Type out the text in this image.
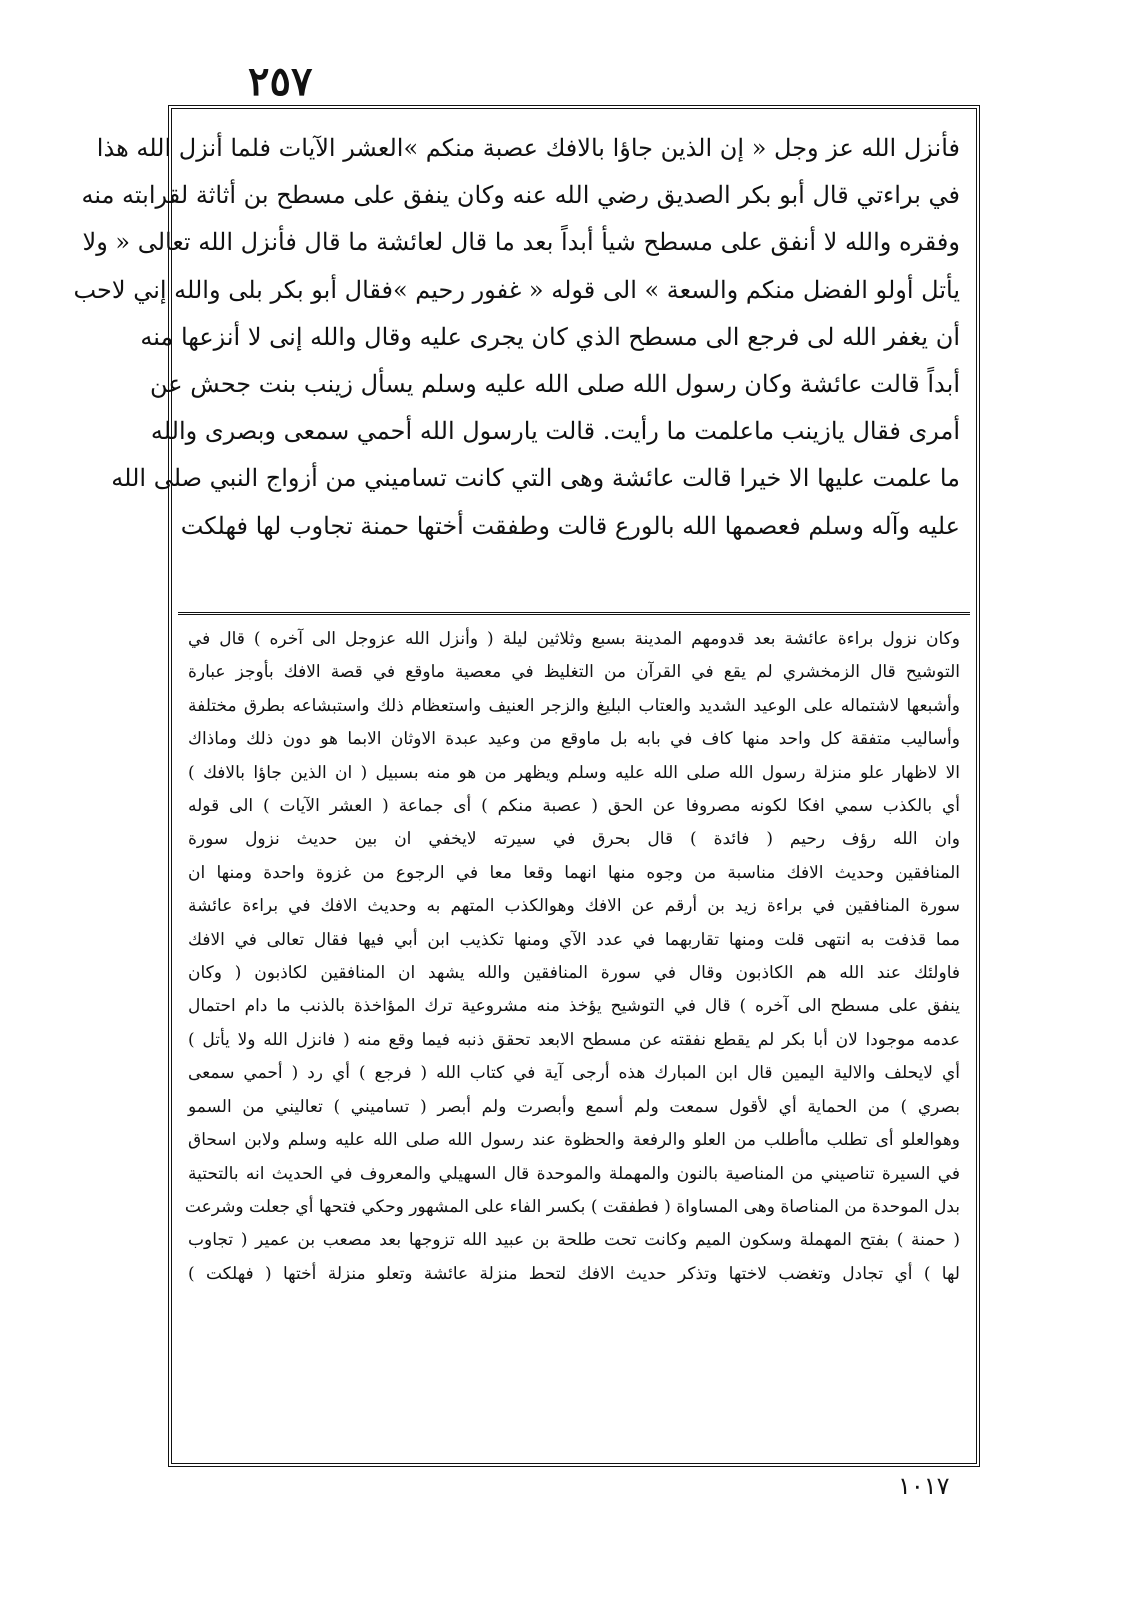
٢٥٧
فأنزل الله عز وجل « إن الذين جاؤا بالافك عصبة منكم »العشر الآيات فلما أنزل الله هذا
في براءتي قال أبو بكر الصديق رضي الله عنه وكان ينفق على مسطح بن أثاثة لقرابته منه
وفقره والله لا أنفق على مسطح شيأ أبداً بعد ما قال لعائشة ما قال فأنزل الله تعالى « ولا
يأتل أولو الفضل منكم والسعة » الى قوله « غفور رحيم »فقال أبو بكر بلى والله إني لاحب
أن يغفر الله لى فرجع الى مسطح الذي كان يجرى عليه وقال والله إنى لا أنزعها منه
أبداً قالت عائشة وكان رسول الله صلى الله عليه وسلم يسأل زينب بنت جحش عن
أمرى فقال يازينب ماعلمت ما رأيت. قالت يارسول الله أحمي سمعى وبصرى والله
ما علمت عليها الا خيرا قالت عائشة وهى التي كانت تساميني من أزواج النبي صلى الله
عليه وآله وسلم فعصمها الله بالورع قالت وطفقت أختها حمنة تجاوب لها فهلكت
وكان نزول براءة عائشة بعد قدومهم المدينة بسبع وثلاثين ليلة ( وأنزل الله عزوجل الى آخره ) قال في
التوشيح قال الزمخشري لم يقع في القرآن من التغليظ في معصية ماوقع في قصة الافك بأوجز عبارة
وأشبعها لاشتماله على الوعيد الشديد والعتاب البليغ والزجر العنيف واستعظام ذلك واستبشاعه بطرق مختلفة
وأساليب متفقة كل واحد منها كاف في بابه بل ماوقع من وعيد عبدة الاوثان الابما هو دون ذلك وماذاك
الا لاظهار علو منزلة رسول الله صلى الله عليه وسلم ويظهر من هو منه بسبيل ( ان الذين جاؤا بالافك )
أي بالكذب سمي افكا لكونه مصروفا عن الحق ( عصبة منكم ) أى جماعة ( العشر الآيات ) الى قوله
وان الله رؤف رحيم ( فائدة ) قال بحرق في سيرته لايخفي ان بين حديث نزول سورة
المنافقين وحديث الافك مناسبة من وجوه منها انهما وقعا معا في الرجوع من غزوة واحدة ومنها ان
سورة المنافقين في براءة زيد بن أرقم عن الافك وهوالكذب المتهم به وحديث الافك في براءة عائشة
مما قذفت به انتهى قلت ومنها تقاربهما في عدد الآي ومنها تكذيب ابن أبي فيها فقال تعالى في الافك
فاولئك عند الله هم الكاذبون وقال في سورة المنافقين والله يشهد ان المنافقين لكاذبون ( وكان
ينفق على مسطح الى آخره ) قال في التوشيح يؤخذ منه مشروعية ترك المؤاخذة بالذنب ما دام احتمال
عدمه موجودا لان أبا بكر لم يقطع نفقته عن مسطح الابعد تحقق ذنبه فيما وقع منه ( فانزل الله ولا يأتل )
أي لايحلف والالية اليمين قال ابن المبارك هذه أرجى آية في كتاب الله ( فرجع ) أي رد ( أحمي سمعى
بصري ) من الحماية أي لأقول سمعت ولم أسمع وأبصرت ولم أبصر ( تساميني ) تعاليني من السمو
وهوالعلو أى تطلب ماأطلب من العلو والرفعة والحظوة عند رسول الله صلى الله عليه وسلم ولابن اسحاق
في السيرة تناصيني من المناصية بالنون والمهملة والموحدة قال السهيلي والمعروف في الحديث انه بالتحتية
بدل الموحدة من المناصاة وهى المساواة ( فطفقت ) بكسر الفاء على المشهور وحكي فتحها أي جعلت وشرعت
( حمنة ) بفتح المهملة وسكون الميم وكانت تحت طلحة بن عبيد الله تزوجها بعد مصعب بن عمير ( تجاوب
لها ) أي تجادل وتغضب لاختها وتذكر حديث الافك لتحط منزلة عائشة وتعلو منزلة أختها ( فهلكت )
١٠١٧
